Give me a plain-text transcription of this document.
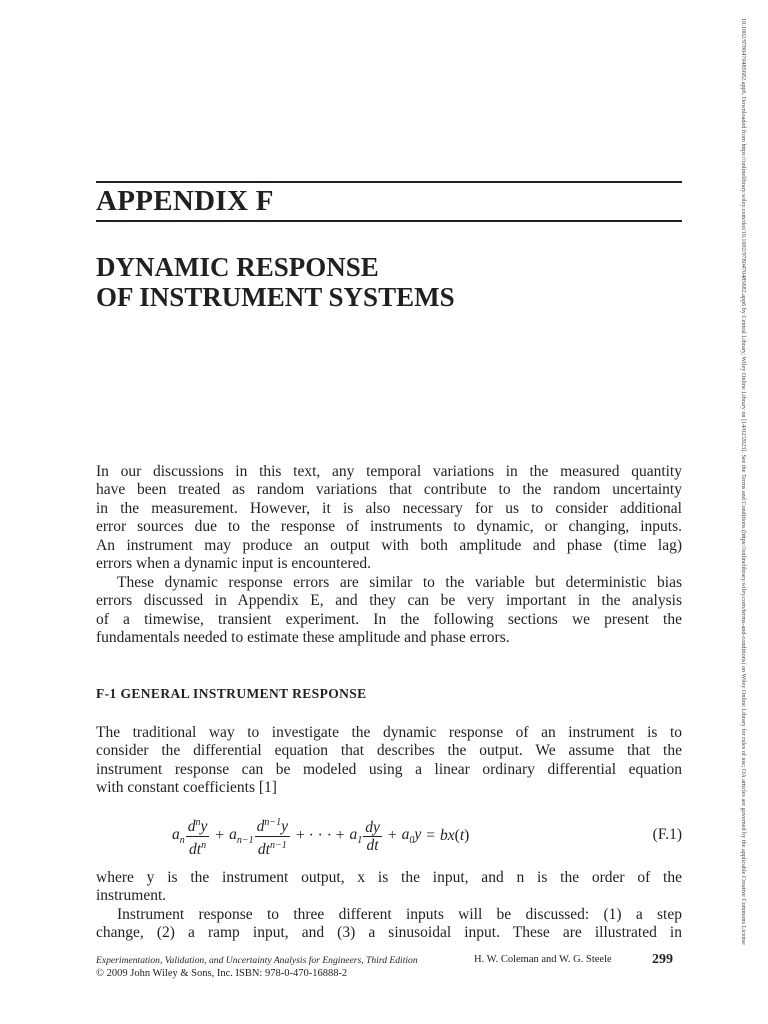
10.1002/9780470485682.app6, Downloaded from https://onlinelibrary.wiley.com/doi/10.1002/9780470485682.app6 by Central Library, Wiley Online Library on [14/02/2023]. See the Terms and Conditions (https://onlinelibrary.wiley.com/terms-and-conditions) on Wiley Online Library for rules of use; OA articles are governed by the applicable Creative Commons License
APPENDIX F
DYNAMIC RESPONSE
OF INSTRUMENT SYSTEMS

In our discussions in this text, any temporal variations in the measured quantity
have been treated as random variations that contribute to the random uncertainty
in the measurement. However, it is also necessary for us to consider additional
error sources due to the response of instruments to dynamic, or changing, inputs.
An instrument may produce an output with both amplitude and phase (time lag)
errors when a dynamic input is encountered.

These dynamic response errors are similar to the variable but deterministic bias
errors discussed in Appendix E, and they can be very important in the analysis
of a timewise, transient experiment. In the following sections we present the
fundamentals needed to estimate these amplitude and phase errors.

F-1 GENERAL INSTRUMENT RESPONSE

The traditional way to investigate the dynamic response of an instrument is to
consider the differential equation that describes the output. We assume that the
instrument response can be modeled using a linear ordinary differential equation
with constant coefficients [1]

$a_n \frac{d^ny}{dt^n} + a_{n-1} \frac{d^{n-1}y}{dt^{n-1}}$ + · · · + $a_1 \frac{dy}{dt} + a_0y$ = bx ( t )	(F.1)

where y is the instrument output, x is the input, and n is the order of the
instrument.

Instrument response to three different inputs will be discussed: (1) a step
change, (2) a ramp input, and (3) a sinusoidal input. These are illustrated in

Experimentation, Validation, and Uncertainty Analysis for Engineers, Third Edition	H. W. Coleman and W. G. Steele
© 2009 John Wiley & Sons, Inc. ISBN: 978-0-470-16888-2
299
